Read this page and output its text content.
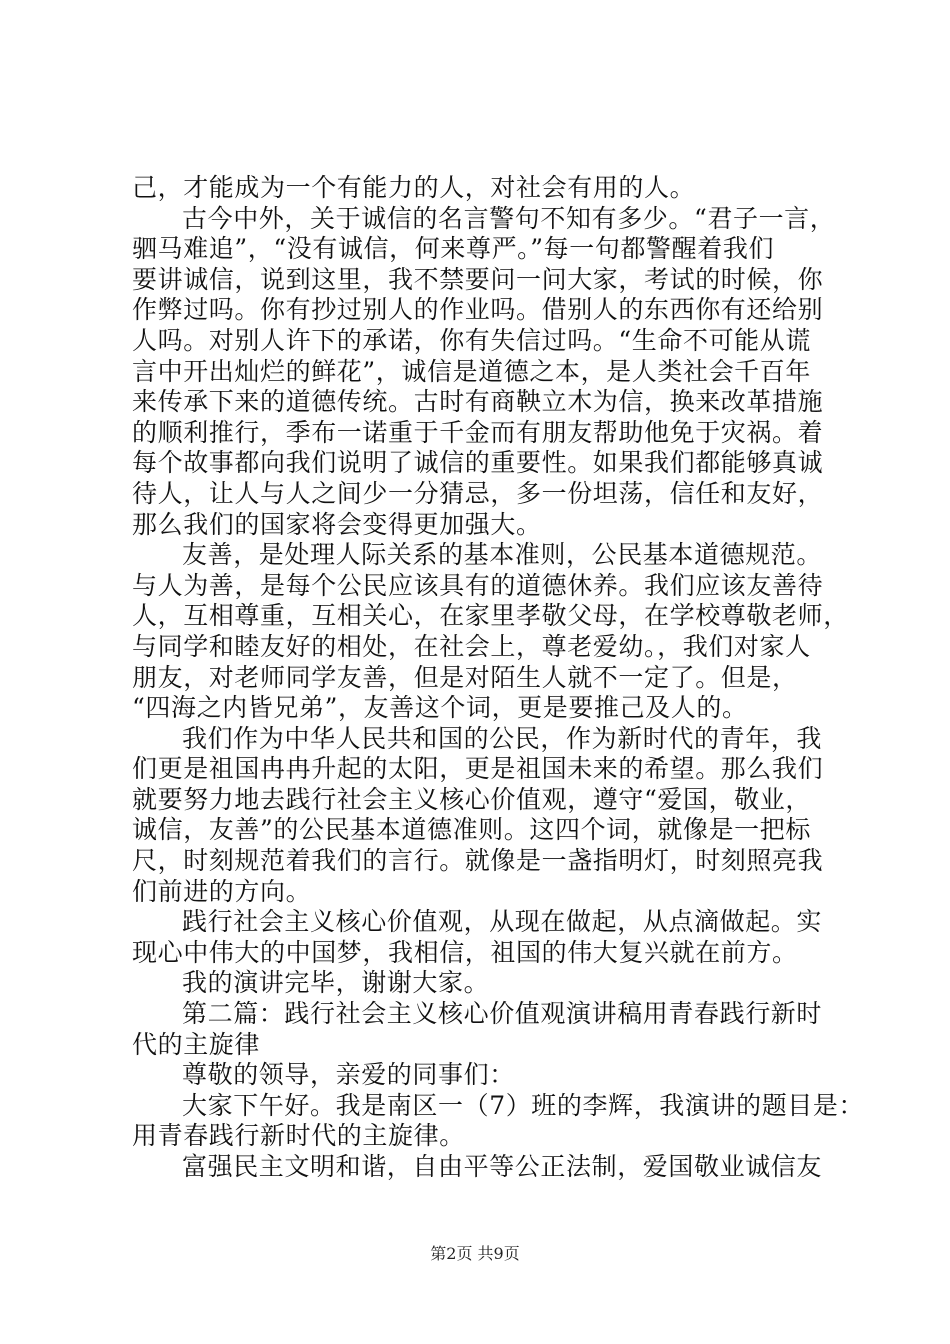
己，才能成为一个有能力的人，对社会有用的人。
古今中外，关于诚信的名言警句不知有多少。“君子一言，
驷马难追”，“没有诚信，何来尊严。”每一句都警醒着我们
要讲诚信，说到这里，我不禁要问一问大家，考试的时候，你
作弊过吗。你有抄过别人的作业吗。借别人的东西你有还给别
人吗。对别人许下的承诺，你有失信过吗。“生命不可能从谎
言中开出灿烂的鲜花”，诚信是道德之本，是人类社会千百年
来传承下来的道德传统。古时有商鞅立木为信，换来改革措施
的顺利推行，季布一诺重于千金而有朋友帮助他免于灾祸。着
每个故事都向我们说明了诚信的重要性。如果我们都能够真诚
待人，让人与人之间少一分猜忌，多一份坦荡，信任和友好，
那么我们的国家将会变得更加强大。
友善，是处理人际关系的基本准则，公民基本道德规范。
与人为善，是每个公民应该具有的道德休养。我们应该友善待
人，互相尊重，互相关心，在家里孝敬父母，在学校尊敬老师，
与同学和睦友好的相处，在社会上，尊老爱幼。，我们对家人
朋友，对老师同学友善，但是对陌生人就不一定了。但是，
“四海之内皆兄弟”，友善这个词，更是要推己及人的。
我们作为中华人民共和国的公民，作为新时代的青年，我
们更是祖国冉冉升起的太阳，更是祖国未来的希望。那么我们
就要努力地去践行社会主义核心价值观，遵守“爱国，敬业，
诚信，友善”的公民基本道德准则。这四个词，就像是一把标
尺，时刻规范着我们的言行。就像是一盏指明灯，时刻照亮我
们前进的方向。
践行社会主义核心价值观，从现在做起，从点滴做起。实
现心中伟大的中国梦，我相信，祖国的伟大复兴就在前方。
我的演讲完毕，谢谢大家。
第二篇：践行社会主义核心价值观演讲稿用青春践行新时
代的主旋律
尊敬的领导，亲爱的同事们：
大家下午好。我是南区一（7）班的李辉，我演讲的题目是：
用青春践行新时代的主旋律。
富强民主文明和谐，自由平等公正法制，爱国敬业诚信友
第2页 共9页
